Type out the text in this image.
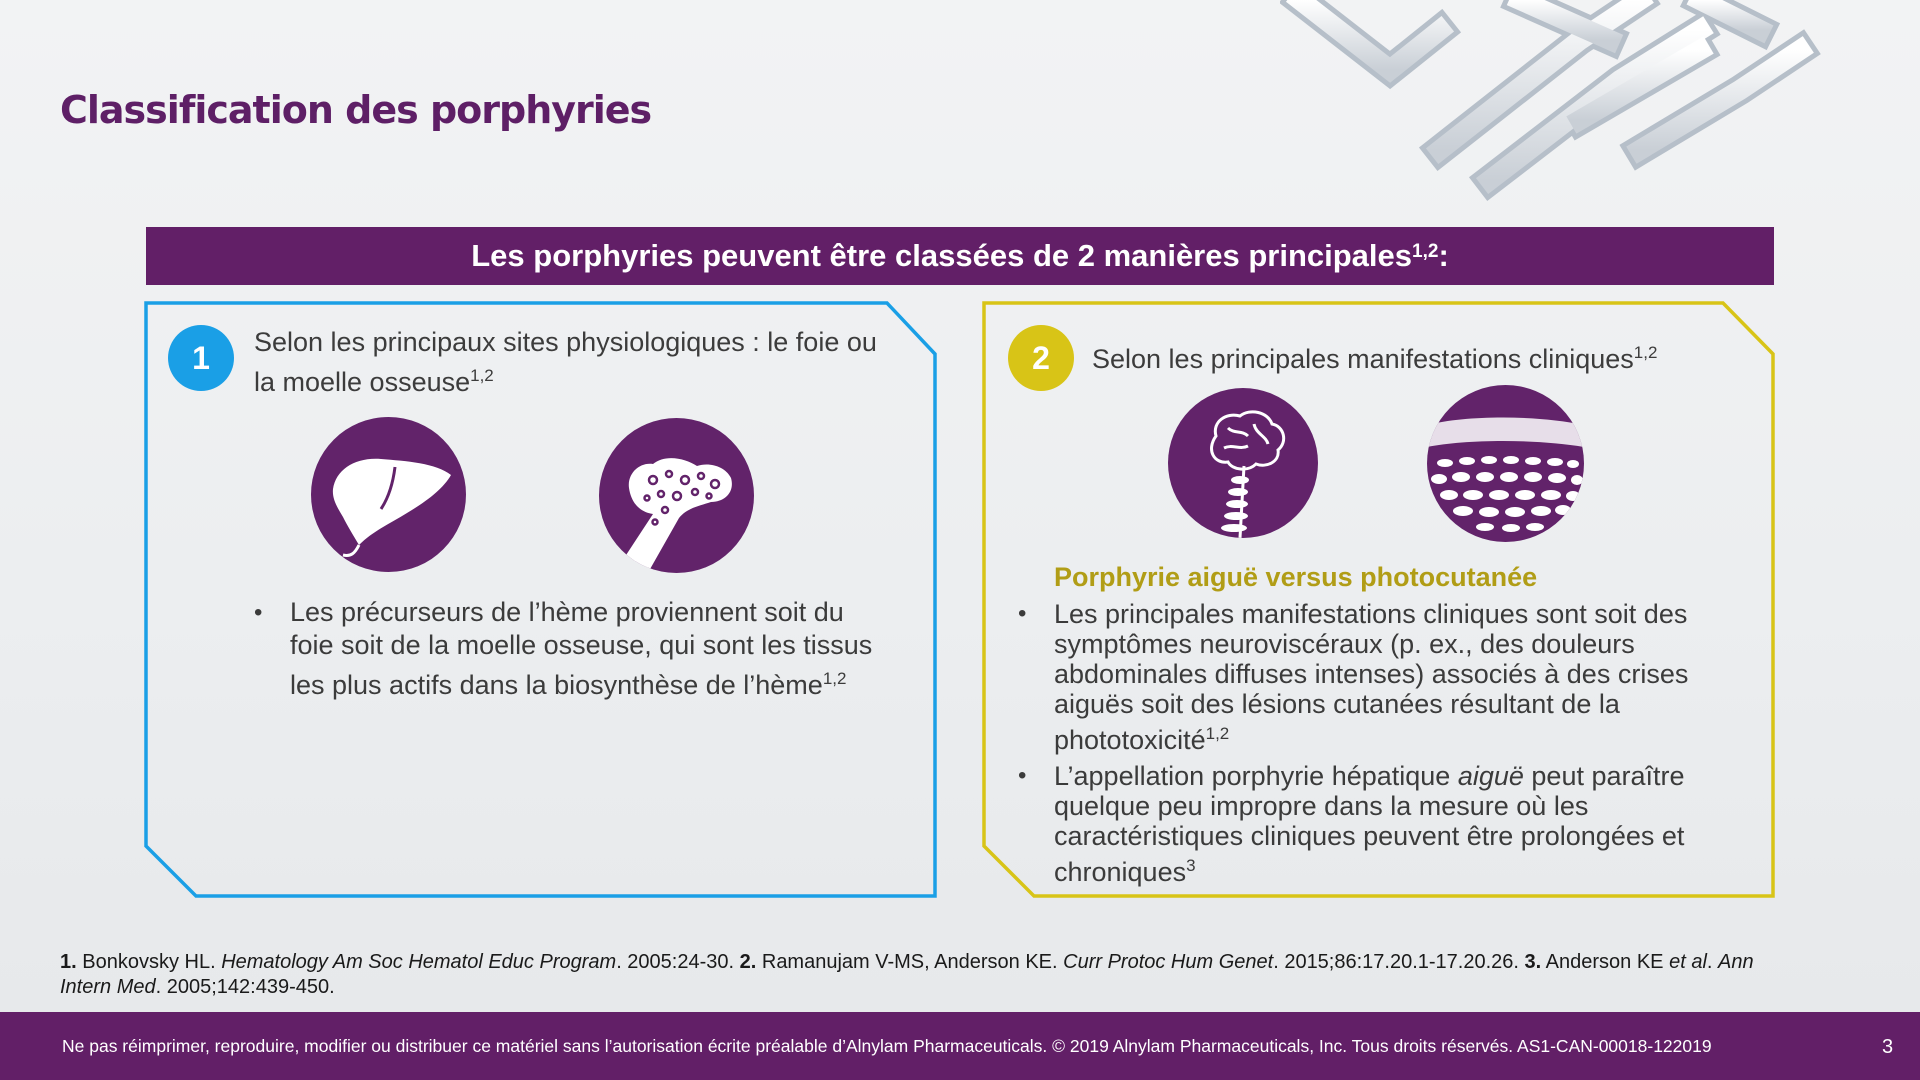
Classification des porphyries
Les porphyries peuvent être classées de 2 manières principales$^{1,2}$ :
1	Selon les principaux sites physiologiques : le foie ou la moelle osseuse$^{1,2}$
• Les précurseurs de l’hème proviennent soit du foie soit de la moelle osseuse, qui sont les tissus les plus actifs dans la biosynthèse de l’hème$^{1,2}$
2	Selon les principales manifestations cliniques$^{1,2}$
Porphyrie aiguë versus photocutanée
• Les principales manifestations cliniques sont soit des symptômes neuroviscéraux (p. ex., des douleurs abdominales diffuses intenses) associés à des crises aiguës soit des lésions cutanées résultant de la phototoxicité$^{1,2}$
• L’appellation porphyrie hépatique aiguë peut paraître quelque peu impropre dans la mesure où les caractéristiques cliniques peuvent être prolongées et chroniques$^3$
1. Bonkovsky HL. Hematology Am Soc Hematol Educ Program. 2005:24-30. 2. Ramanujam V-MS, Anderson KE. Curr Protoc Hum Genet. 2015;86:17.20.1-17.20.26. 3. Anderson KE et al. Ann Intern Med. 2005;142:439-450.
Ne pas réimprimer, reproduire, modifier ou distribuer ce matériel sans l’autorisation écrite préalable d’Alnylam Pharmaceuticals. © 2019 Alnylam Pharmaceuticals, Inc. Tous droits réservés. AS1-CAN-00018-122019	3
